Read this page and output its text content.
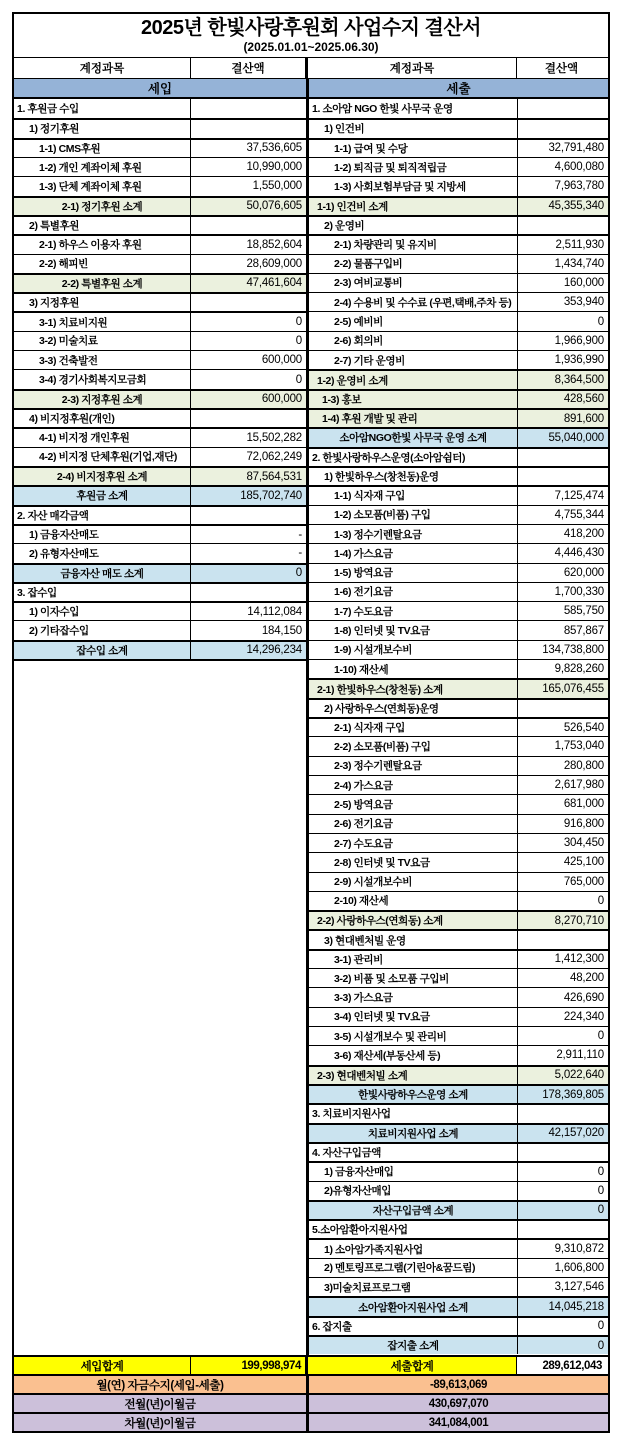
2025년 한빛사랑후원회 사업수지 결산서
(2025.01.01~2025.06.30)
계정과목	결산액	계정과목	결산액
세입	세출
1. 후원금 수입
1) 정기후원
1-1) CMS후원	37,536,605
1-2) 개인 계좌이체 후원	10,990,000
1-3) 단체 계좌이체 후원	1,550,000
2-1) 정기후원 소계	50,076,605
2) 특별후원
2-1) 하우스 이용자 후원	18,852,604
2-2) 해피빈	28,609,000
2-2) 특별후원 소계	47,461,604
3) 지정후원
3-1) 치료비지원	0
3-2) 미술치료	0
3-3) 건축발전	600,000
3-4) 경기사회복지모금회	0
2-3) 지정후원 소계	600,000
4) 비지정후원(개인)
4-1) 비지정 개인후원	15,502,282
4-2) 비지정 단체후원(기업,재단)	72,062,249
2-4) 비지정후원 소계	87,564,531
후원금 소계	185,702,740
2. 자산 매각금액
1) 금융자산매도	-
2) 유형자산매도	-
금융자산 매도 소계	0
3. 잡수입
1) 이자수입	14,112,084
2) 기타잡수입	184,150
잡수입 소계	14,296,234
1. 소아암 NGO 한빛 사무국 운영
1) 인건비
1-1) 급여 및 수당	32,791,480
1-2) 퇴직금 및 퇴직적립금	4,600,080
1-3) 사회보험부담금 및 지방세	7,963,780
1-1) 인건비 소계	45,355,340
2) 운영비
2-1) 차량관리 및 유지비	2,511,930
2-2) 물품구입비	1,434,740
2-3) 여비교통비	160,000
2-4) 수용비 및 수수료 (우편,택배,주차 등)	353,940
2-5) 예비비	0
2-6) 회의비	1,966,900
2-7) 기타 운영비	1,936,990
1-2) 운영비 소계	8,364,500
1-3) 홍보	428,560
1-4) 후원 개발 및 관리	891,600
소아암NGO한빛 사무국 운영 소계	55,040,000
2. 한빛사랑하우스운영(소아암쉼터)
1) 한빛하우스(창천동)운영
1-1) 식자재 구입	7,125,474
1-2) 소모품(비품) 구입	4,755,344
1-3) 정수기렌탈요금	418,200
1-4) 가스요금	4,446,430
1-5) 방역요금	620,000
1-6) 전기요금	1,700,330
1-7) 수도요금	585,750
1-8) 인터넷 및 TV요금	857,867
1-9) 시설개보수비	134,738,800
1-10) 재산세	9,828,260
2-1) 한빛하우스(창천동) 소계	165,076,455
2) 사랑하우스(연희동)운영
2-1) 식자재 구입	526,540
2-2) 소모품(비품) 구입	1,753,040
2-3) 정수기렌탈요금	280,800
2-4) 가스요금	2,617,980
2-5) 방역요금	681,000
2-6) 전기요금	916,800
2-7) 수도요금	304,450
2-8) 인터넷 및 TV요금	425,100
2-9) 시설개보수비	765,000
2-10) 재산세	0
2-2) 사랑하우스(연희동) 소계	8,270,710
3) 현대벤처빌 운영
3-1) 관리비	1,412,300
3-2) 비품 및 소모품 구입비	48,200
3-3) 가스요금	426,690
3-4) 인터넷 및 TV요금	224,340
3-5) 시설개보수 및 관리비	0
3-6) 재산세(부동산세 등)	2,911,110
2-3) 현대벤처빌 소계	5,022,640
한빛사랑하우스운영 소계	178,369,805
3. 치료비지원사업
치료비지원사업 소계	42,157,020
4. 자산구입금액
1) 금융자산매입	0
2)유형자산매입	0
자산구입금액 소계	0
5.소아암환아지원사업
1) 소아암가족지원사업	9,310,872
2) 멘토링프로그램(기린아&꿈드림)	1,606,800
3)미술치료프로그램	3,127,546
소아암환아지원사업 소계	14,045,218
6. 잡지출	0
잡지출 소계	0
세입합계	199,998,974	세출합계	289,612,043
월(연) 자금수지(세입-세출)	-89,613,069
전월(년)이월금	430,697,070
차월(년)이월금	341,084,001
